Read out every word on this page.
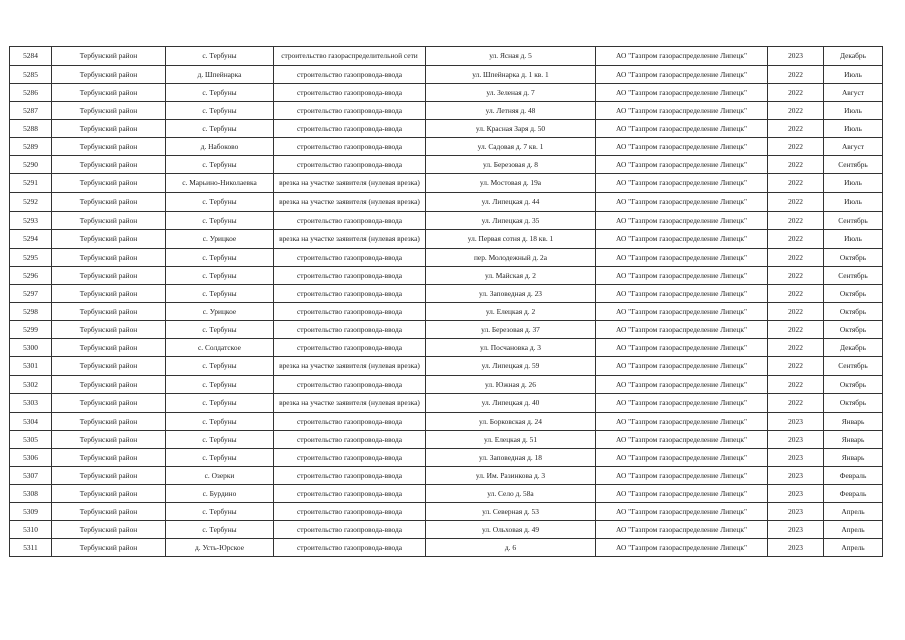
5284	Тербунский район	с. Тербуны	строительство газораспределительной сети	ул. Ясная д. 5	АО "Газпром газораспределение Липецк"	2023	Декабрь
5285	Тербунский район	д. Шпейнарка	строительство газопровода-ввода	ул. Шпейнарка д. 1 кв. 1	АО "Газпром газораспределение Липецк"	2022	Июль
5286	Тербунский район	с. Тербуны	строительство газопровода-ввода	ул. Зеленая д. 7	АО "Газпром газораспределение Липецк"	2022	Август
5287	Тербунский район	с. Тербуны	строительство газопровода-ввода	ул. Летняя д. 48	АО "Газпром газораспределение Липецк"	2022	Июль
5288	Тербунский район	с. Тербуны	строительство газопровода-ввода	ул. Красная Заря д. 50	АО "Газпром газораспределение Липецк"	2022	Июль
5289	Тербунский район	д. Набоково	строительство газопровода-ввода	ул. Садовая д. 7 кв. 1	АО "Газпром газораспределение Липецк"	2022	Август
5290	Тербунский район	с. Тербуны	строительство газопровода-ввода	ул. Березовая д. 8	АО "Газпром газораспределение Липецк"	2022	Сентябрь
5291	Тербунский район	с. Марьино-Николаевка	врезка на участке заявителя (нулевая врезка)	ул. Мостовая д. 19а	АО "Газпром газораспределение Липецк"	2022	Июль
5292	Тербунский район	с. Тербуны	врезка на участке заявителя (нулевая врезка)	ул. Липецкая д. 44	АО "Газпром газораспределение Липецк"	2022	Июль
5293	Тербунский район	с. Тербуны	строительство газопровода-ввода	ул. Липецкая д. 35	АО "Газпром газораспределение Липецк"	2022	Сентябрь
5294	Тербунский район	с. Урицкое	врезка на участке заявителя (нулевая врезка)	ул. Первая сотня д. 18 кв. 1	АО "Газпром газораспределение Липецк"	2022	Июль
5295	Тербунский район	с. Тербуны	строительство газопровода-ввода	пер. Молодежный д. 2а	АО "Газпром газораспределение Липецк"	2022	Октябрь
5296	Тербунский район	с. Тербуны	строительство газопровода-ввода	ул. Майская д. 2	АО "Газпром газораспределение Липецк"	2022	Сентябрь
5297	Тербунский район	с. Тербуны	строительство газопровода-ввода	ул. Заповедная д. 23	АО "Газпром газораспределение Липецк"	2022	Октябрь
5298	Тербунский район	с. Урицкое	строительство газопровода-ввода	ул. Елецкая д. 2	АО "Газпром газораспределение Липецк"	2022	Октябрь
5299	Тербунский район	с. Тербуны	строительство газопровода-ввода	ул. Березовая д. 37	АО "Газпром газораспределение Липецк"	2022	Октябрь
5300	Тербунский район	с. Солдатское	строительство газопровода-ввода	ул. Посчановка д. 3	АО "Газпром газораспределение Липецк"	2022	Декабрь
5301	Тербунский район	с. Тербуны	врезка на участке заявителя (нулевая врезка)	ул. Липецкая д. 59	АО "Газпром газораспределение Липецк"	2022	Сентябрь
5302	Тербунский район	с. Тербуны	строительство газопровода-ввода	ул. Южная д. 26	АО "Газпром газораспределение Липецк"	2022	Октябрь
5303	Тербунский район	с. Тербуны	врезка на участке заявителя (нулевая врезка)	ул. Липецкая д. 40	АО "Газпром газораспределение Липецк"	2022	Октябрь
5304	Тербунский район	с. Тербуны	строительство газопровода-ввода	ул. Борковская д. 24	АО "Газпром газораспределение Липецк"	2023	Январь
5305	Тербунский район	с. Тербуны	строительство газопровода-ввода	ул. Елецкая д. 51	АО "Газпром газораспределение Липецк"	2023	Январь
5306	Тербунский район	с. Тербуны	строительство газопровода-ввода	ул. Заповедная д. 18	АО "Газпром газораспределение Липецк"	2023	Январь
5307	Тербунский район	с. Озерки	строительство газопровода-ввода	ул. Им. Разинкова д. 3	АО "Газпром газораспределение Липецк"	2023	Февраль
5308	Тербунский район	с. Бурдино	строительство газопровода-ввода	ул. Село д. 58а	АО "Газпром газораспределение Липецк"	2023	Февраль
5309	Тербунский район	с. Тербуны	строительство газопровода-ввода	ул. Северная д. 53	АО "Газпром газораспределение Липецк"	2023	Апрель
5310	Тербунский район	с. Тербуны	строительство газопровода-ввода	ул. Ольховая д. 49	АО "Газпром газораспределение Липецк"	2023	Апрель
5311	Тербунский район	д. Усть-Юрское	строительство газопровода-ввода	д. 6	АО "Газпром газораспределение Липецк"	2023	Апрель
